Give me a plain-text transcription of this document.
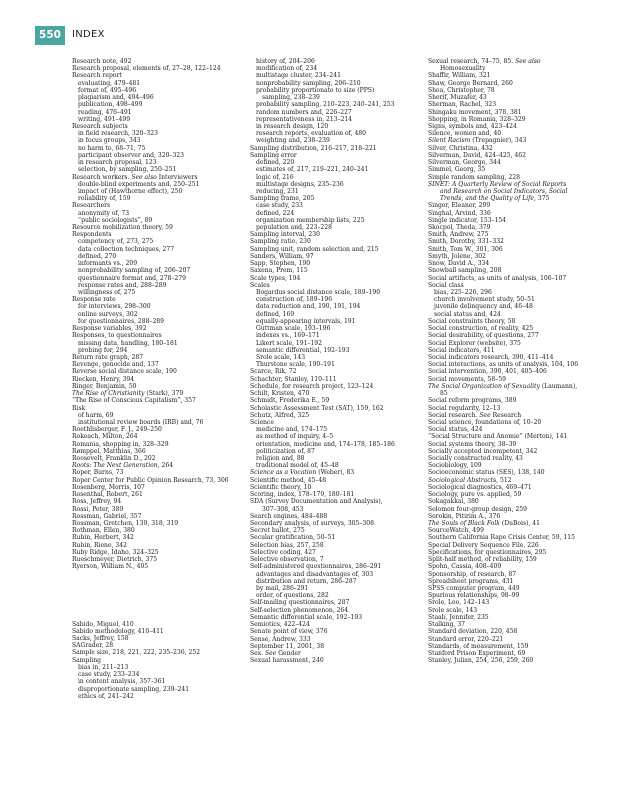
550	INDEX
Research note, 492
Research proposal, elements of, 27–28, 122–124
Research report
evaluating, 479–481
format of, 495–496
plagiarism and, 494–496
publication, 498–499
reading, 476–491
writing, 491–499
Research subjects
in field research, 320–323
in focus groups, 343
no harm to, 68–71, 75
participant observer and, 320–323
in research proposal, 123
selection, by sampling, 250–251
Research workers. See also Interviewers
double-blind experiments and, 250–251
impact of (Hawthorne effect), 250
reliability of, 159
Researchers
anonymity of, 73
“public sociologists”, 89
Resource mobilization theory, 59
Respondents
competency of, 273, 275
data collection techniques, 277
defined, 270
informants vs., 209
nonprobability sampling of, 206–207
questionnaire format and, 278–279
response rates and, 288–289
willingness of, 275
Response rate
for interviews, 298–300
online surveys, 302
for questionnaires, 288–289
Response variables, 392
Responses, to questionnaires
missing data, handling, 180–181
probing for, 294
Return rate graph, 287
Revenge, genocide and, 137
Reverse social distance scale, 190
Riecken, Henry, 394
Ringer, Benjamin, 50
The Rise of Christianity (Stark), 379
“The Rise of Conscious Capitalism”, 357
Risk
of harm, 69
institutional review boards (IRB) and, 76
Roethlisberger, F. J., 249–250
Rokeach, Milton, 264
Romania, shopping in, 328–329
Rømppel, Matthias, 366
Roosevelt, Franklin D., 202
Roots: The Next Generation, 264
Roper, Burns, 73
Roper Center for Public Opinion Research, 73, 306
Rosenberg, Morris, 107
Rosenthal, Robert, 261
Ross, Jeffrey, 94
Rossi, Peter, 389
Rossman, Gabriel, 357
Rossman, Gretchen, 139, 318, 319
Rothman, Ellen, 380
Rubin, Herbert, 342
Rubin, Riene, 342
Ruby Ridge, Idaho, 324–325
Rueschmeyer, Dietrich, 375
Ryerson, William N., 405
Sabido, Miguel, 410
Sabido methodology, 410–411
Sacks, Jeffrey, 158
SAGrader, 28
Sample size, 218, 221, 222, 235–236, 252
Sampling
bias in, 211–213
case study, 233–234
in content analysis, 357–361
disproportionate sampling, 239–241
ethics of, 241–242
history of, 204–206
modification of, 234
multistage cluster, 234–241
nonprobability sampling, 206–210
probability proportionate to size (PPS)
sampling, 238–239
probability sampling, 210–223, 240–241, 253
random numbers and, 226–227
representativeness in, 213–214
in research design, 120
research reports, evaluation of, 480
weighting and, 238–239
Sampling distribution, 216–217, 218–221
Sampling error
defined, 220
estimates of, 217, 219–221, 240–241
logic of, 216
multistage designs, 235–236
reducing, 231
Sampling frame, 205
case study, 233
defined, 224
organization membership lists, 225
population and, 223–228
Sampling interval, 230
Sampling ratio, 230
Sampling unit, random selection and, 215
Sanders, William, 97
Sapp, Stephen, 190
Saxena, Prem, 115
Scale types, 194
Scales
Bogardus social distance scale, 189–190
construction of, 189–196
data reduction and, 190, 191, 194
defined, 169
equally-appearing intervals, 191
Guttman scale, 193–196
indexes vs., 169–171
Likert scale, 191–192
semantic differential, 192–193
Srole scale, 143
Thurstone scale, 190–191
Scarce, Rik, 72
Schachter, Stanley, 110–111
Schedule, for research project, 123–124
Schilt, Kristen, 470
Schmidt, Frederika E., 59
Scholastic Assessment Test (SAT), 159, 162
Schutz, Alfred, 325
Science
medicine and, 174–175
as method of inquiry, 4–5
orientation, medicine and, 174–178, 185–186
politicization of, 87
religion and, 88
traditional model of, 45–48
Science as a Vocation (Weber), 83
Scientific method, 45–48
Scientific theory, 10
Scoring, index, 178–179, 180–181
SDA (Survey Documentation and Analysis),
307–308, 453
Search engines, 484–488
Secondary analysis, of surveys, 305–308
Secret ballot, 275
Secular gratification, 50–51
Selection bias, 257, 258
Selective coding, 427
Selective observation, 7
Self-administered questionnaires, 286–291
advantages and disadvantages of, 303
distribution and return, 286–287
by mail, 286–291
order, of questions, 282
Self-mailing questionnaires, 287
Self-selection phenomenon, 264
Semantic differential scale, 192–193
Semiotics, 422–424
Senate point of view, 376
Sense, Andrew, 333
September 11, 2001, 38
Sex. See Gender
Sexual harassment, 240
Sexual research, 74–75, 85. See also
Homosexuality
Shaffir, William, 321
Shaw, George Bernard, 260
Shea, Christopher, 78
Sherif, Muzafer, 43
Sherman, Rachel, 323
Shingaku movement, 378, 381
Shopping, in Romania, 328–329
Signs, symbols and, 423–424
Silence, women and, 40
Silent Racism (Trepagnier), 343
Silver, Christina, 432
Silverman, David, 424–425, 462
Silverman, George, 344
Simmel, Georg, 35
Simple random sampling, 228
SINET: A Quarterly Review of Social Reports
and Research on Social Indicators, Social
Trends, and the Quality of Life, 375
Singer, Eleanor, 299
Singhal, Arvind, 336
Single indicator, 153–154
Skocpol, Theda, 379
Smith, Andrew, 275
Smith, Dorothy, 331–332
Smith, Tom W., 301, 306
Smyth, Jolene, 302
Snow, David A., 334
Snowball sampling, 208
Social artifacts, as units of analysis, 106–107
Social class
bias, 225–226, 296
church involvement study, 50–51
juvenile delinquency and, 46–48
social status and, 424
Social constraints theory, 58
Social construction, of reality, 425
Social desirability, of questions, 277
Social Explorer (website), 375
Social indicators, 411
Social indicators research, 390, 411–414
Social interactions, as units of analysis, 104, 106
Social intervention, 390, 401, 405–406
Social movements, 58–59
The Social Organization of Sexuality (Laumann),
85
Social reform programs, 389
Social regularity, 12–13
Social research. See Research
Social science, foundations of, 10–20
Social status, 424
“Social Structure and Anomie” (Merton), 141
Social systems theory, 38–39
Socially accepted incompetent, 342
Socially constructed reality, 43
Sociobiology, 109
Socioeconomic status (SES), 138, 140
Sociological Abstracts, 512
Sociological diagnostics, 469–471
Sociology, pure vs. applied, 59
Sokagakkai, 380
Solomon four-group design, 259
Sorokin, Pitirim A., 376
The Souls of Black Folk (DuBois), 41
SourceWatch, 499
Southern California Rape Crisis Center, 59, 115
Special Delivery Sequence File, 226
Specifications, for questionnaires, 295
Split-half method, of reliability, 159
Spohn, Cassia, 408–409
Sponsorship, of research, 87
Spreadsheet programs, 431
SPSS computer program, 449
Spurious relationships, 98–99
Srole, Leo, 142–143
Srole scale, 143
Staab, Jennifer, 235
Stalking, 37
Standard deviation, 220, 458
Standard error, 220–221
Standards, of measurement, 159
Stanford Prison Experiment, 69
Stanley, Julian, 254, 256, 259, 260
